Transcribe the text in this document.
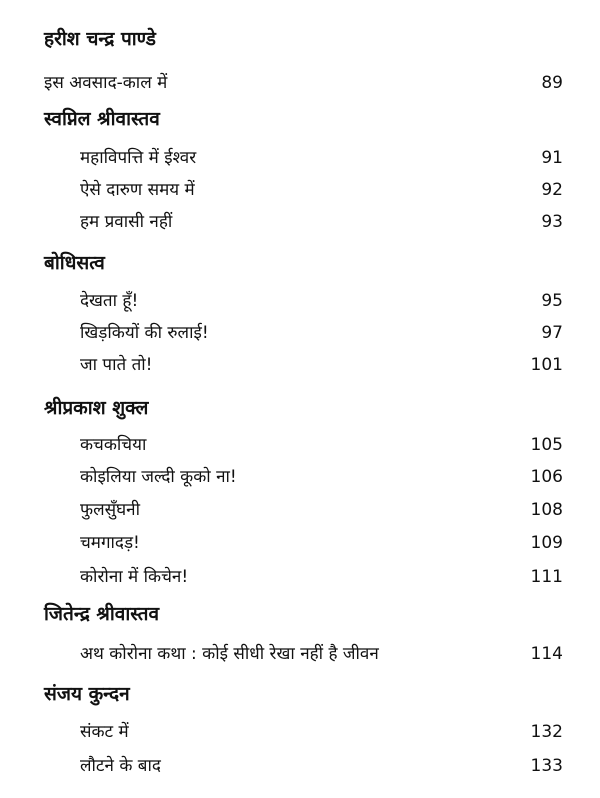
हरीश चन्द्र पाण्डे
इस अवसाद-काल में	89
स्वप्निल श्रीवास्तव
महाविपत्ति में ईश्वर	91
ऐसे दारुण समय में	92
हम प्रवासी नहीं	93
बोधिसत्व
देखता हूँ!	95
खिड़कियों की रुलाई!	97
जा पाते तो!	101
श्रीप्रकाश शुक्ल
कचकचिया	105
कोइलिया जल्दी कूको ना!	106
फुलसुँघनी	108
चमगादड़!	109
कोरोना में किचेन!	111
जितेन्द्र श्रीवास्तव
अथ कोरोना कथा : कोई सीधी रेखा नहीं है जीवन	114
संजय कुन्दन
संकट में	132
लौटने के बाद	133
